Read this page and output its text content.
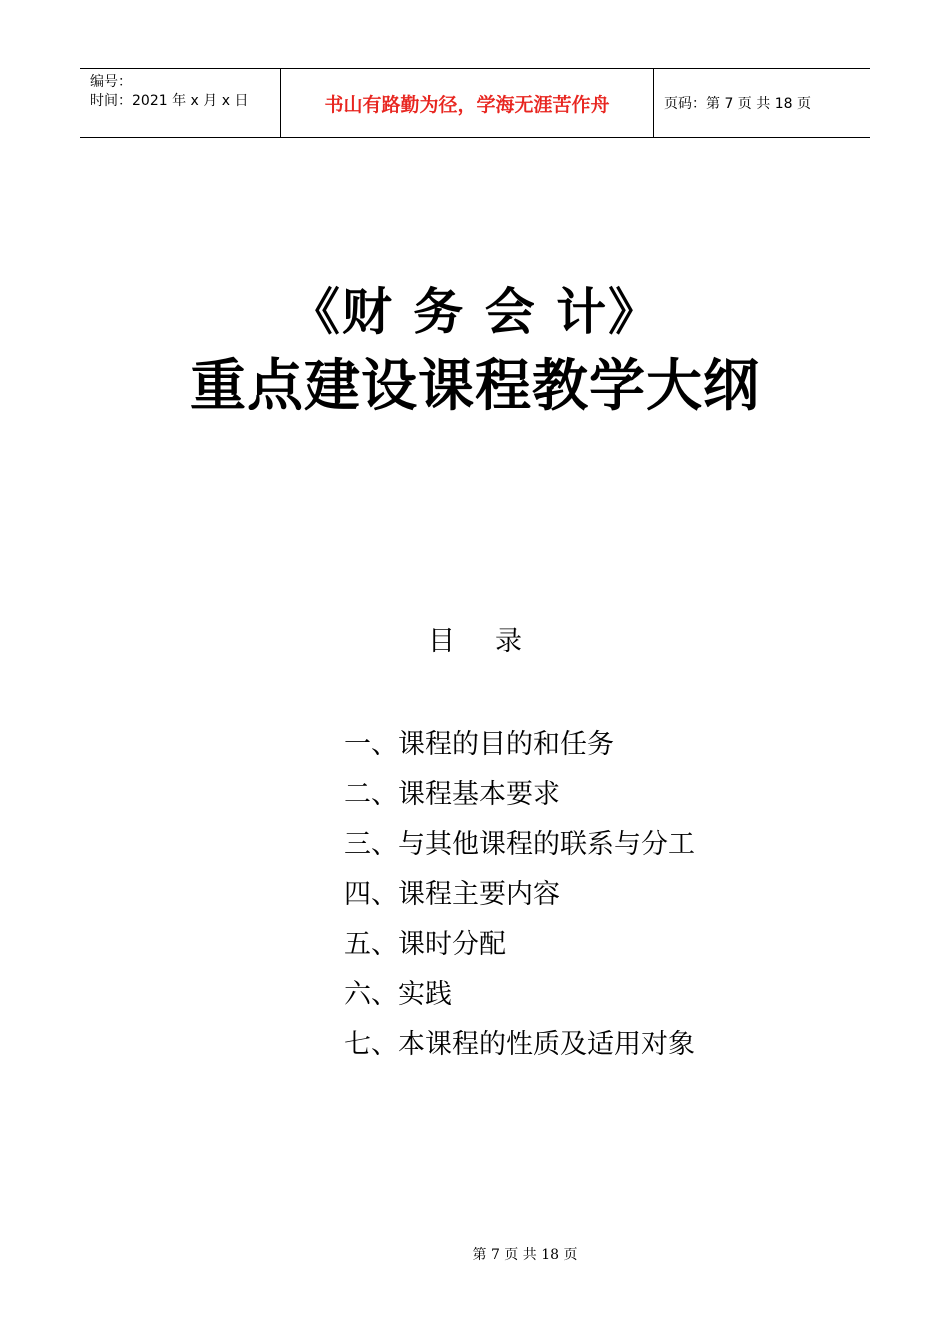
编号：
时间：2021 年 x 月 x 日	书山有路勤为径，学海无涯苦作舟	页码：第 7 页 共 18 页
《财 务 会 计》
重点建设课程教学大纲
目录
一、课程的目的和任务
二、课程基本要求
三、与其他课程的联系与分工
四、课程主要内容
五、课时分配
六、实践
七、本课程的性质及适用对象
第 7 页 共 18 页
